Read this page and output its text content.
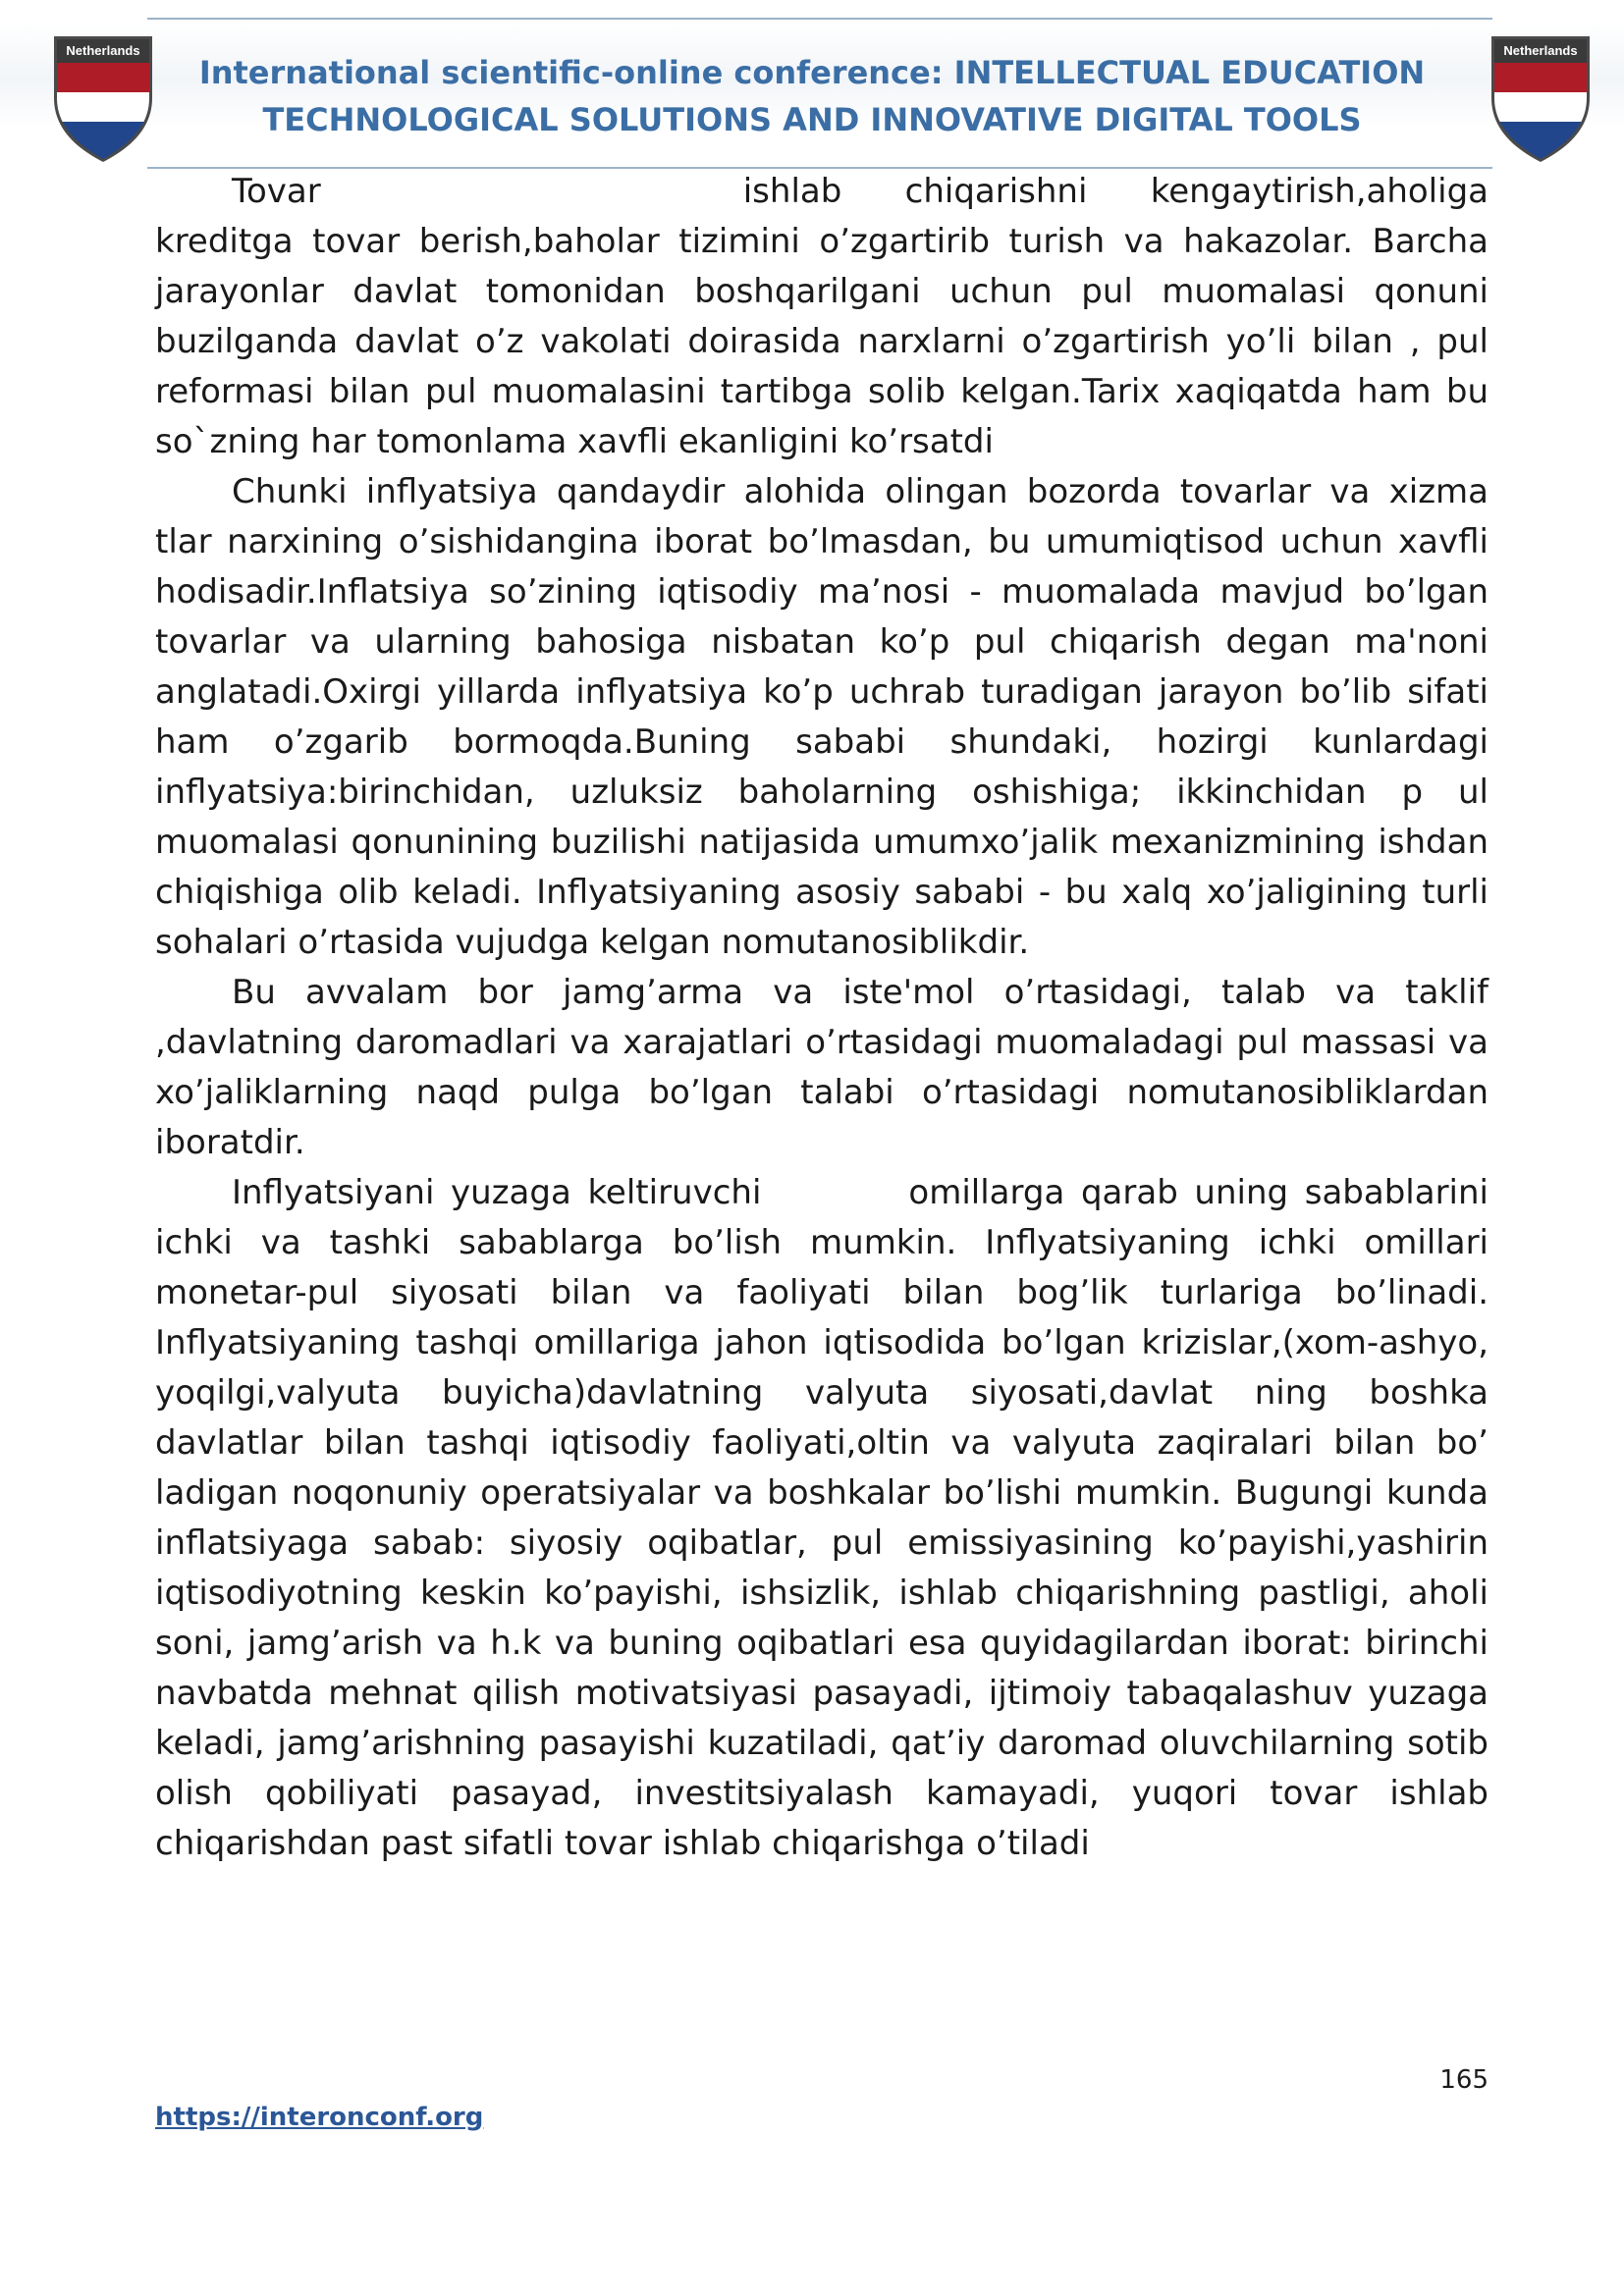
Netherlands	Netherlands
International scientific-online conference: INTELLECTUAL EDUCATION
TECHNOLOGICAL SOLUTIONS AND INNOVATIVE DIGITAL TOOLS

Tovar	ishlab chiqarishni kengaytirish,aholiga kreditga tovar berish,baholar tizimini o’zgartirib turish va hakazolar. Barcha jarayonlar davlat tomonidan boshqarilgani uchun pul muomalasi qonuni buzilganda davlat o’z vakolati doirasida narxlarni o’zgartirish yo’li bilan , pul reformasi bilan pul muomalasini tartibga solib kelgan.Tarix xaqiqatda ham bu so`zning har tomonlama xavfli ekanligini ko’rsatdi

Chunki inflyatsiya qandaydir alohida olingan bozorda tovarlar va xizma tlar narxining o’sishidangina iborat bo’lmasdan, bu umumiqtisod uchun xavfli hodisadir.Inflatsiya so’zining iqtisodiy ma’nosi - muomalada mavjud bo’lgan tovarlar va ularning bahosiga nisbatan ko’p pul chiqarish degan ma'noni anglatadi.Oxirgi yillarda inflyatsiya ko’p uchrab turadigan jarayon bo’lib sifati ham o’zgarib bormoqda.Buning sababi shundaki, hozirgi kunlardagi inflyatsiya:birinchidan, uzluksiz baholarning oshishiga; ikkinchidan p ul muomalasi qonunining buzilishi natijasida umumxo’jalik mexanizmining ishdan chiqishiga olib keladi. Inflyatsiyaning asosiy sababi - bu xalq xo’jaligining turli sohalari o’rtasida vujudga kelgan nomutanosiblikdir.

Bu avvalam bor jamg’arma va iste'mol o’rtasidagi, talab va taklif ,davlatning daromadlari va xarajatlari o’rtasidagi muomaladagi pul massasi va xo’jaliklarning naqd pulga bo’lgan talabi o’rtasidagi nomutanosibliklardan iboratdir.

Inflyatsiyani yuzaga keltiruvchi	omillarga qarab uning sabablarini ichki va tashki sabablarga bo’lish mumkin. Inflyatsiyaning ichki omillari monetar-pul siyosati bilan va faoliyati bilan bog’lik turlariga bo’linadi. Inflyatsiyaning tashqi omillariga jahon iqtisodida bo’lgan krizislar,(xom-ashyo, yoqilgi,valyuta buyicha)davlatning valyuta siyosati,davlat ning boshka davlatlar bilan tashqi iqtisodiy faoliyati,oltin va valyuta zaqiralari bilan bo’ ladigan noqonuniy operatsiyalar va boshkalar bo’lishi mumkin. Bugungi kunda inflatsiyaga sabab: siyosiy oqibatlar, pul emissiyasining ko’payishi,yashirin iqtisodiyotning keskin ko’payishi, ishsizlik, ishlab chiqarishning pastligi, aholi soni, jamg’arish va h.k va buning oqibatlari esa quyidagilardan iborat: birinchi navbatda mehnat qilish motivatsiyasi pasayadi, ijtimoiy tabaqalashuv yuzaga keladi, jamg’arishning pasayishi kuzatiladi, qat’iy daromad oluvchilarning sotib olish qobiliyati pasayad, investitsiyalash kamayadi, yuqori tovar ishlab chiqarishdan past sifatli tovar ishlab chiqarishga o’tiladi

165
https://interonconf.org
